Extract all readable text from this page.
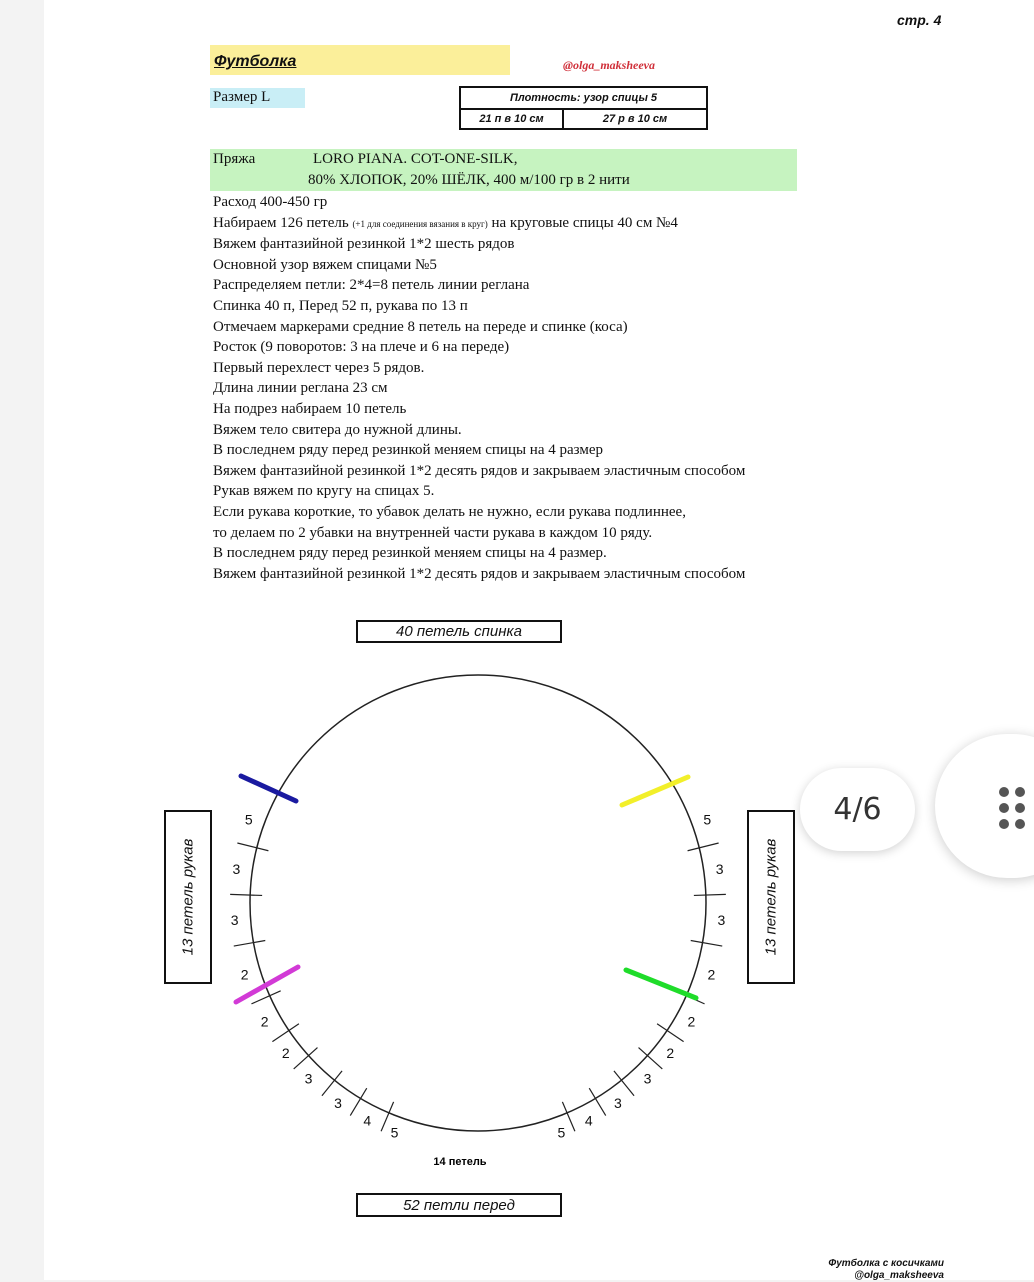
стр. 4
Футболка	@olga_maksheeva
Размер L	Плотность: узор спицы 5
21 п в 10 см	27 р в 10 см
Пряжа	LORO PIANA. COT-ONE-SILK,
80% ХЛОПОК, 20% ШЁЛК, 400 м/100 гр в 2 нити
Расход 400-450 гр
Набираем 126 петель (+1 для соединения вязания в круг) на круговые спицы 40 см №4
Вяжем фантазийной резинкой 1*2 шесть рядов
Основной узор вяжем спицами №5
Распределяем петли: 2*4=8 петель линии реглана
Спинка 40 п, Перед 52 п, рукава по 13 п
Отмечаем маркерами средние 8 петель на переде и спинке (коса)
Росток (9 поворотов: 3 на плече и 6 на переде)
Первый перехлест через 5 рядов.
Длина линии реглана 23 см
На подрез набираем 10 петель
Вяжем тело свитера до нужной длины.
В последнем ряду перед резинкой меняем спицы на 4 размер
Вяжем фантазийной резинкой 1*2 десять рядов и закрываем эластичным способом
Рукав вяжем по кругу на спицах 5.
Если рукава короткие, то убавок делать не нужно, если рукава подлиннее,
то делаем по 2 убавки на внутренней части рукава в каждом 10 ряду.
В последнем ряду перед резинкой меняем спицы на 4 размер.
Вяжем фантазийной резинкой 1*2 десять рядов и закрываем эластичным способом
40 петель спинка
52 петли перед
13 петель рукав	13 петель рукав
5
3
3
2
2
2
3
3
4
5
5
3
3
2
2
2
3
3
4
5
14 петель
Футболка с косичками
@olga_maksheeva
4/6
